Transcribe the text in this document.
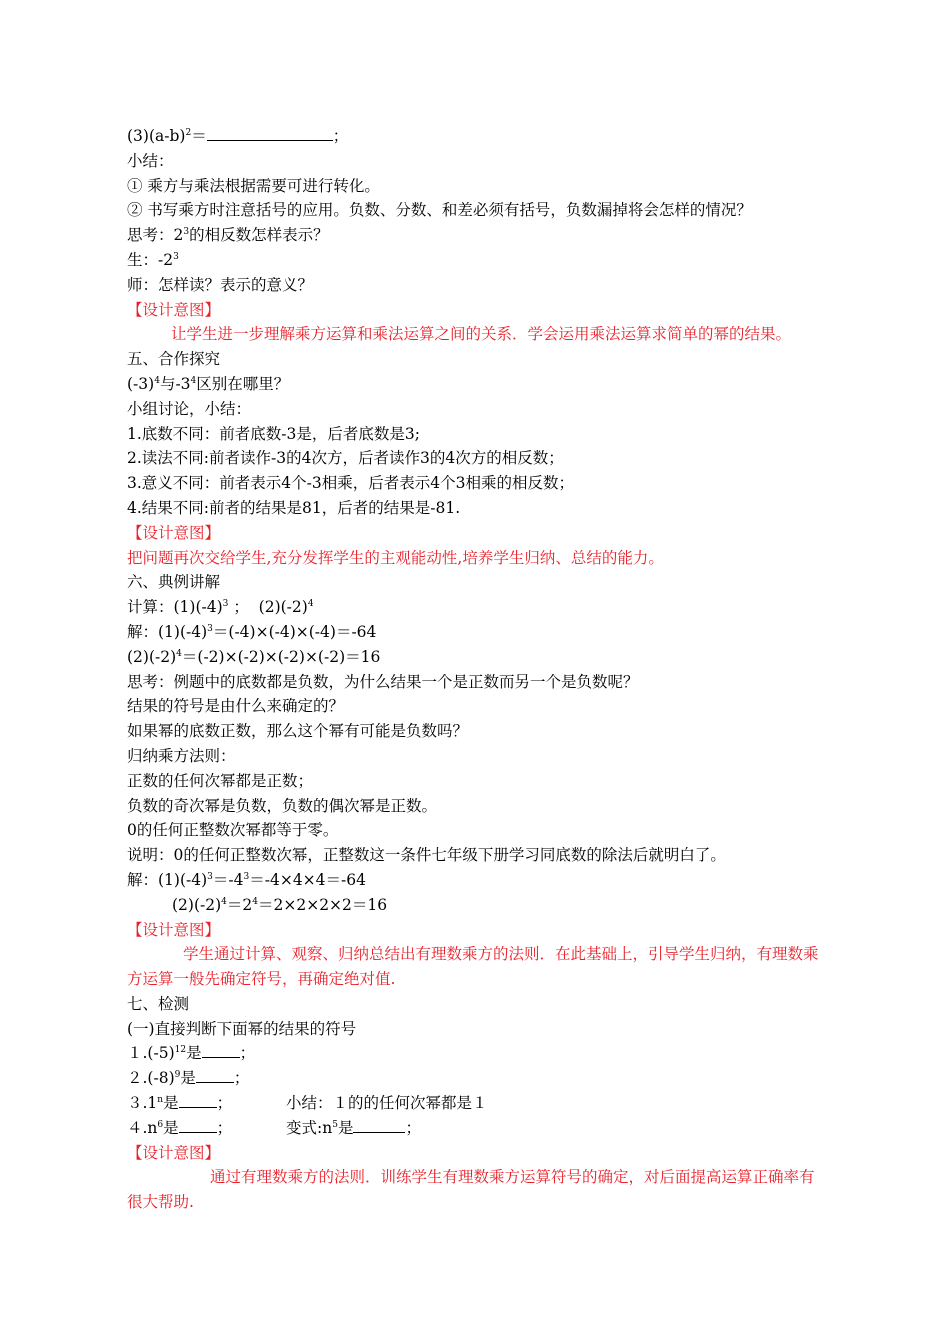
$(3)(a-b)^2=$	；
小结：
① 乘方与乘法根据需要可进行转化。
② 书写乘方时注意括号的应用。负数、分数、和差必须有括号，负数漏掉将会怎样的情况？
思考：$2^3$的相反数怎样表示？
生：$-2^3$
师：怎样读？表示的意义？
【设计意图】
让学生进一步理解乘方运算和乘法运算之间的关系．学会运用乘法运算求简单的幂的结果。
五、合作探究
$(-3)^4$与$-3^4$区别在哪里？
小组讨论，小结：
1.底数不同：前者底数-3是，后者底数是3;
2.读法不同:前者读作-3的4次方，后者读作3的4次方的相反数；
3.意义不同：前者表示4个-3相乘，后者表示4个3相乘的相反数；
4.结果不同:前者的结果是81，后者的结果是-81.
【设计意图】
把问题再次交给学生,充分发挥学生的主观能动性,培养学生归纳、总结的能力。
六、典例讲解
计算：$(1)(-4)^3$ ；  $(2)(-2)^4$
解：$(1)(-4)^3=(-4)\times(-4)\times(-4)=-64$
$(2)(-2)^4=(-2)\times(-2)\times(-2)\times(-2)=16$
思考：例题中的底数都是负数，为什么结果一个是正数而另一个是负数呢？
结果的符号是由什么来确定的？
如果幂的底数正数，那么这个幂有可能是负数吗？
归纳乘方法则：
正数的任何次幂都是正数；
负数的奇次幂是负数，负数的偶次幂是正数。
0的任何正整数次幂都等于零。
说明：0的任何正整数次幂，正整数这一条件七年级下册学习同底数的除法后就明白了。
解：$(1)(-4)^3=-4^3=-4\times 4\times 4=-64$
$(2)(-2)^4=2^4=2\times 2\times 2\times 2=16$
【设计意图】
学生通过计算、观察、归纳总结出有理数乘方的法则．在此基础上，引导学生归纳，有理数乘方运算一般先确定符号，再确定绝对值.
七、检测
(一)直接判断下面幂的结果的符号
$1.(-5)^{12}$是 ；
$2.(-8)^9$是 ；
３.1$^n$是 ；	小结：１的的任何次幂都是１
$4.n^6$是 ；	变式$:n^5$是	；
【设计意图】
通过有理数乘方的法则．训练学生有理数乘方运算符号的确定，对后面提高运算正确率有很大帮助.
